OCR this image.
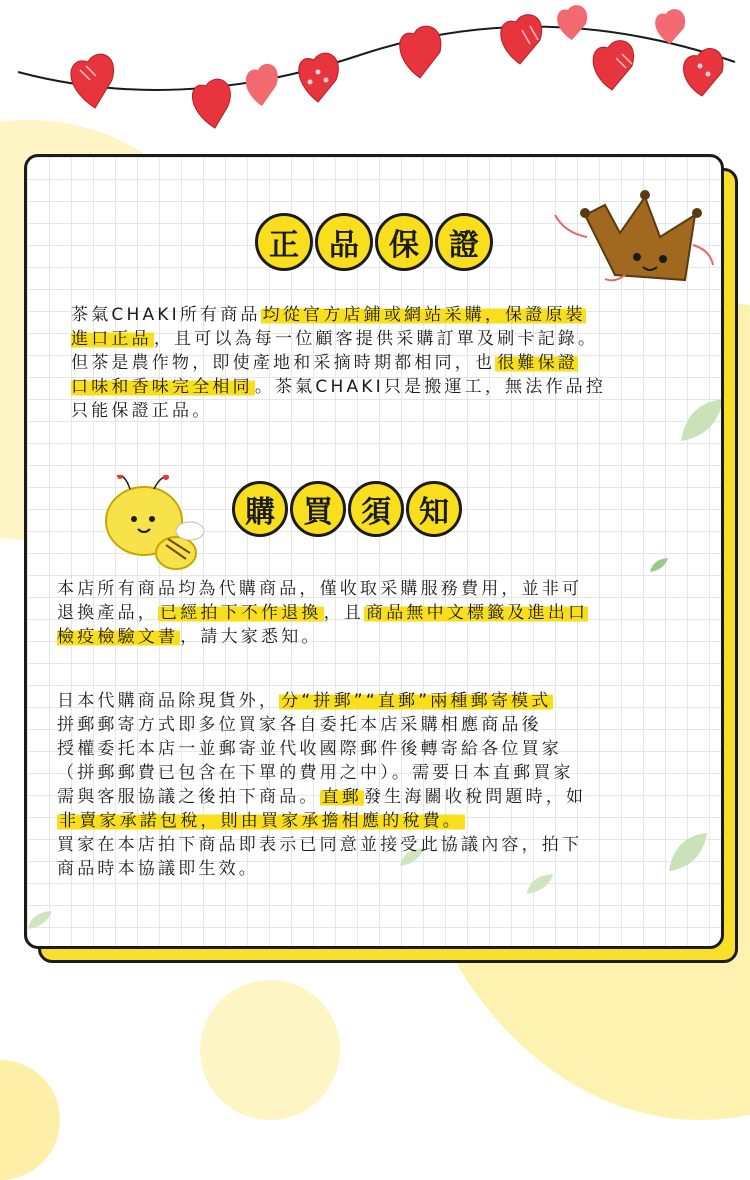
正	品	保	證

茶氣CHAKI所有商品 均從官方店鋪或網站采購，保證原裝
進口正品 ，且可以為每一位顧客提供采購訂單及刷卡記錄。
但茶是農作物，即使產地和采摘時期都相同，也 很難保證
口味和香味完全相同 。茶氣CHAKI只是搬運工，無法作品控
只能保證正品。

購 買 須 知

本店所有商品均為代購商品，僅收取采購服務費用，並非可
退換產品， 已經拍下不作退換 ，且 商品無中文標籤及進出口
檢疫檢驗文書 ，請大家悉知。

日本代購商品除現貨外， 分“拼郵”“直郵”兩種郵寄模式
拼郵郵寄方式即多位買家各自委托本店采購相應商品後
授權委托本店一並郵寄並代收國際郵件後轉寄給各位買家
（拼郵郵費已包含在下單的費用之中）。需要日本直郵買家
需與客服協議之後拍下商品。 直郵 發生海關收稅問題時，如
非賣家承諾包稅，則由買家承擔相應的稅費。
買家在本店拍下商品即表示已同意並接受此協議內容，拍下
商品時本協議即生效。
